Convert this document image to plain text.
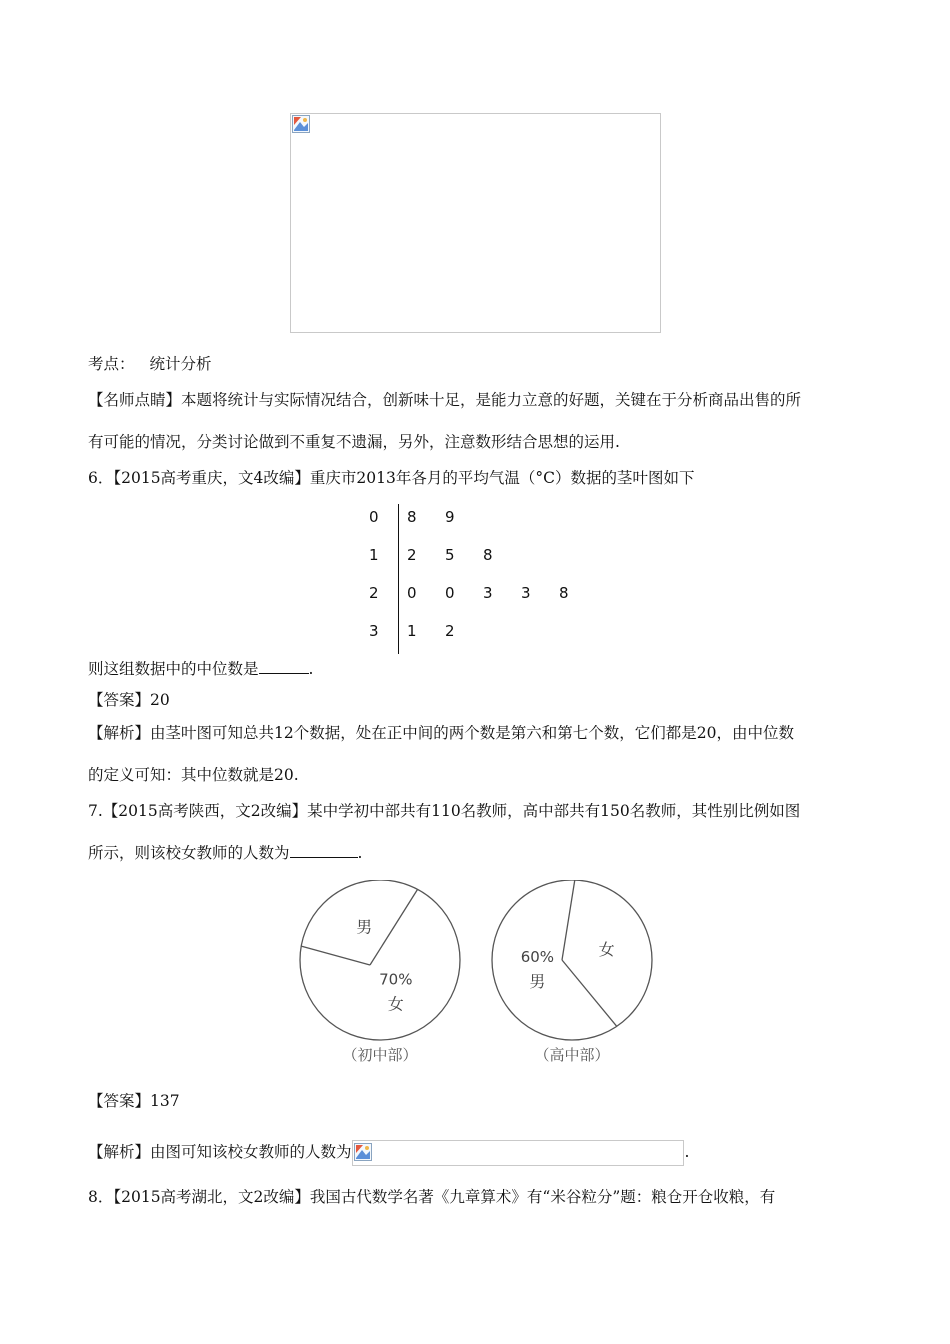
考点： 统计分析
【名师点睛】本题将统计与实际情况结合，创新味十足，是能力立意的好题，关键在于分析商品出售的所
有可能的情况，分类讨论做到不重复不遗漏，另外，注意数形结合思想的运用.
6．【2015高考重庆，文4改编】重庆市2013年各月的平均气温（°C）数据的茎叶图如下
0 8 9
1 2 5 8
2 0 0 3 3 8
3 1 2
则这组数据中的中位数是	.
【答案】20
【解析】由茎叶图可知总共12个数据，处在正中间的两个数是第六和第七个数，它们都是20，由中位数
的定义可知：其中位数就是20.
7.【2015高考陕西，文2改编】某中学初中部共有110名教师，高中部共有150名教师，其性别比例如图
所示，则该校女教师的人数为	.
70%
女
男
（初中部）
女
60%
男
（高中部）
【答案】137
【解析】由图可知该校女教师的人数为	.
8．【2015高考湖北，文2改编】我国古代数学名著《九章算术》有“米谷粒分”题：粮仓开仓收粮，有
